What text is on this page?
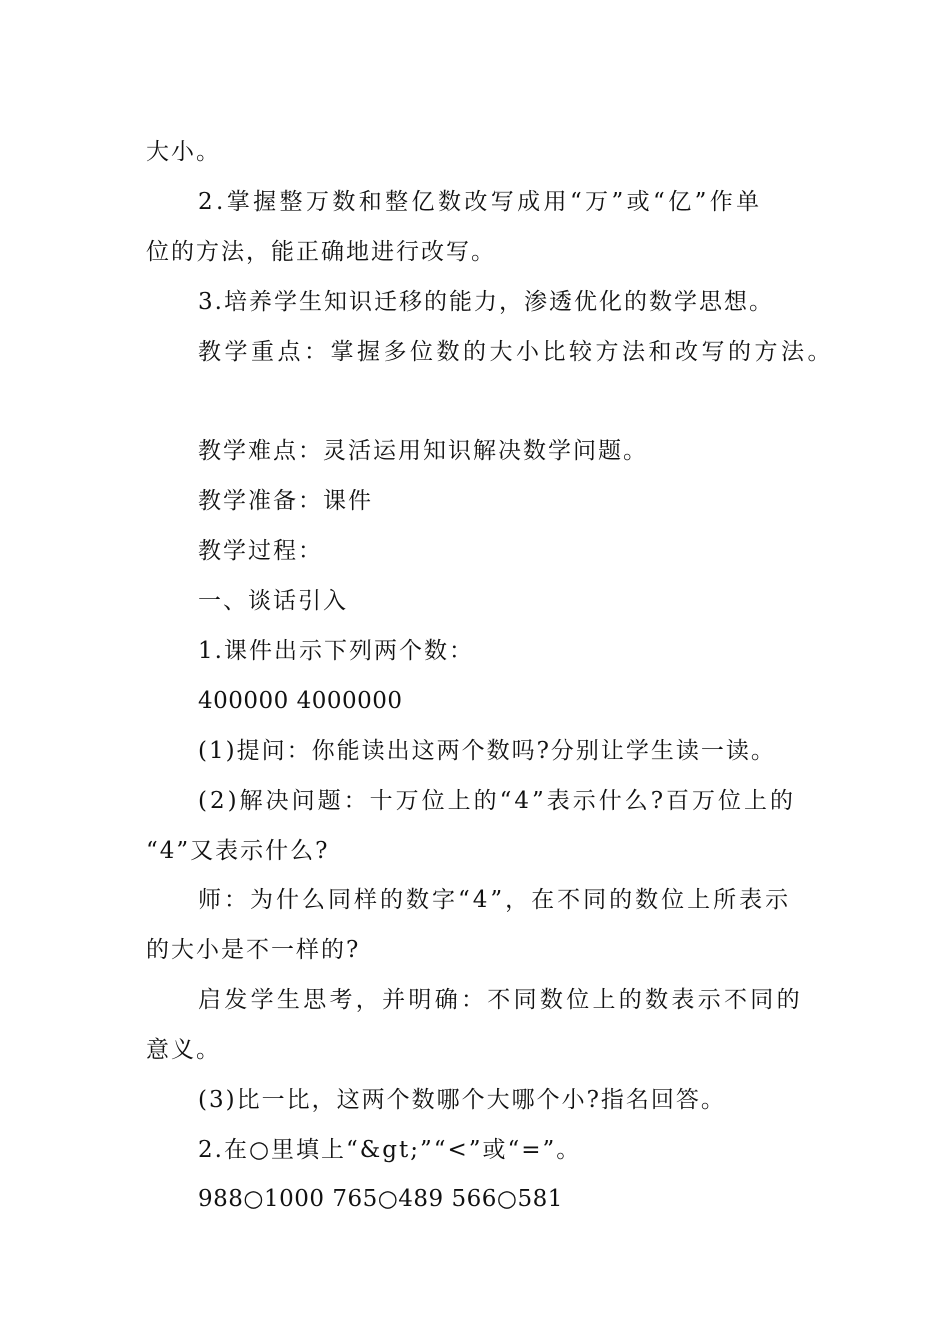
大小。
2.掌握整万数和整亿数改写成用“万”或“亿”作单
位的方法，能正确地进行改写。
3.培养学生知识迁移的能力，渗透优化的数学思想。
教学重点：掌握多位数的大小比较方法和改写的方法。
教学难点：灵活运用知识解决数学问题。
教学准备：课件
教学过程：
一、谈话引入
1.课件出示下列两个数：
400000 4000000
(1)提问：你能读出这两个数吗?分别让学生读一读。
(2)解决问题：十万位上的“4”表示什么?百万位上的
“4”又表示什么?
师：为什么同样的数字“4”，在不同的数位上所表示
的大小是不一样的?
启发学生思考，并明确：不同数位上的数表示不同的
意义。
(3)比一比，这两个数哪个大哪个小?指名回答。
2.在○里填上“&gt;”“<”或“=”。
988○1000 765○489 566○581
